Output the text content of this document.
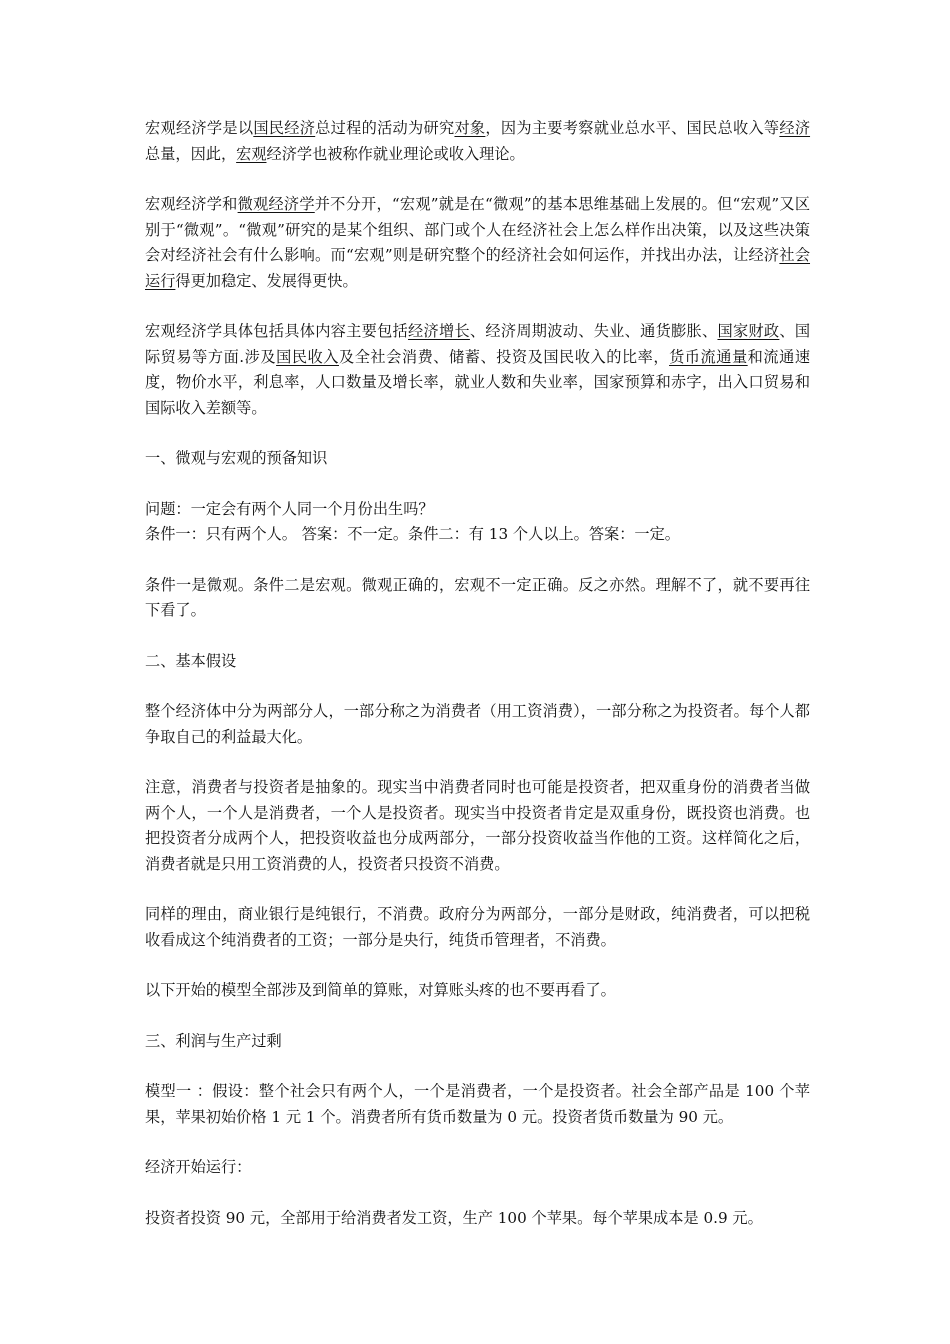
宏观经济学是以国民经济总过程的活动为研究对象，因为主要考察就业总水平、国民总收入等经济总量，因此，宏观经济学也被称作就业理论或收入理论。

宏观经济学和微观经济学并不分开，“宏观”就是在“微观”的基本思维基础上发展的。但“宏观”又区别于“微观”。“微观”研究的是某个组织、部门或个人在经济社会上怎么样作出决策，以及这些决策会对经济社会有什么影响。而“宏观”则是研究整个的经济社会如何运作，并找出办法，让经济社会运行得更加稳定、发展得更快。

宏观经济学具体包括具体内容主要包括经济增长、经济周期波动、失业、通货膨胀、国家财政、国际贸易等方面.涉及国民收入及全社会消费、储蓄、投资及国民收入的比率，货币流通量和流通速度，物价水平，利息率，人口数量及增长率，就业人数和失业率，国家预算和赤字，出入口贸易和国际收入差额等。

一、微观与宏观的预备知识

问题：一定会有两个人同一个月份出生吗？

条件一：只有两个人。 答案：不一定。条件二：有 13 个人以上。答案：一定。

条件一是微观。条件二是宏观。微观正确的，宏观不一定正确。反之亦然。理解不了，就不要再往下看了。

二、基本假设

整个经济体中分为两部分人，一部分称之为消费者（用工资消费），一部分称之为投资者。每个人都争取自己的利益最大化。

注意，消费者与投资者是抽象的。现实当中消费者同时也可能是投资者，把双重身份的消费者当做两个人，一个人是消费者，一个人是投资者。现实当中投资者肯定是双重身份，既投资也消费。也把投资者分成两个人，把投资收益也分成两部分，一部分投资收益当作他的工资。这样简化之后，消费者就是只用工资消费的人，投资者只投资不消费。

同样的理由，商业银行是纯银行，不消费。政府分为两部分，一部分是财政，纯消费者，可以把税收看成这个纯消费者的工资；一部分是央行，纯货币管理者，不消费。

以下开始的模型全部涉及到简单的算账，对算账头疼的也不要再看了。

三、利润与生产过剩

模型一 ：假设：整个社会只有两个人，一个是消费者，一个是投资者。社会全部产品是 100 个苹果，苹果初始价格 1 元 1 个。消费者所有货币数量为 0 元。投资者货币数量为 90 元。

经济开始运行：

投资者投资 90 元，全部用于给消费者发工资，生产 100 个苹果。每个苹果成本是 0.9 元。
